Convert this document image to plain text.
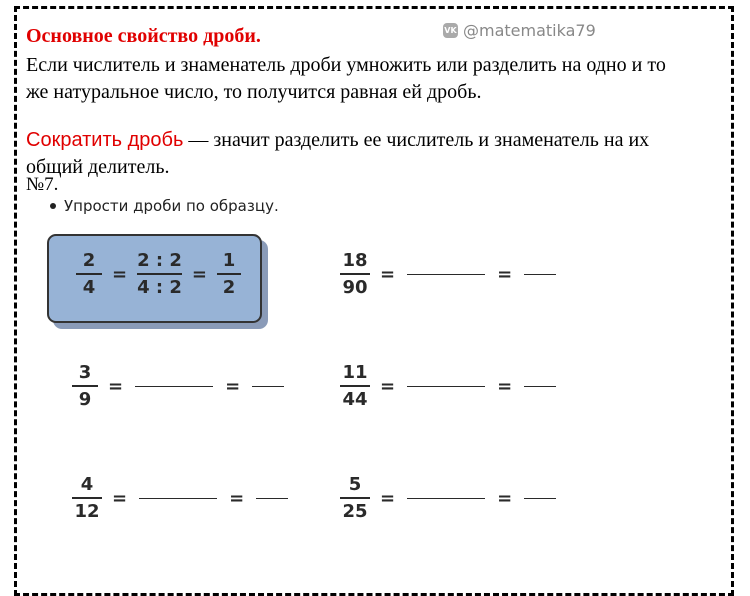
VK @matematika79
Основное свойство дроби.
Если числитель и знаменатель дроби умножить или разделить на одно и то
же натуральное число, то получится равная ей дробь.
Сократить дробь — значит разделить ее числитель и знаменатель на их
общий делитель.
№7.
Упрости дроби по образцу.
$\frac{2}{4} = \frac{2 : 2}{4 : 2} = \frac{1}{2}$	$\frac{18}{90}$ =	=
$\frac{3}{9}$ =	=	$\frac{11}{44}$ =	=
$\frac{4}{12}$ =	=	$\frac{5}{25}$ =	=
